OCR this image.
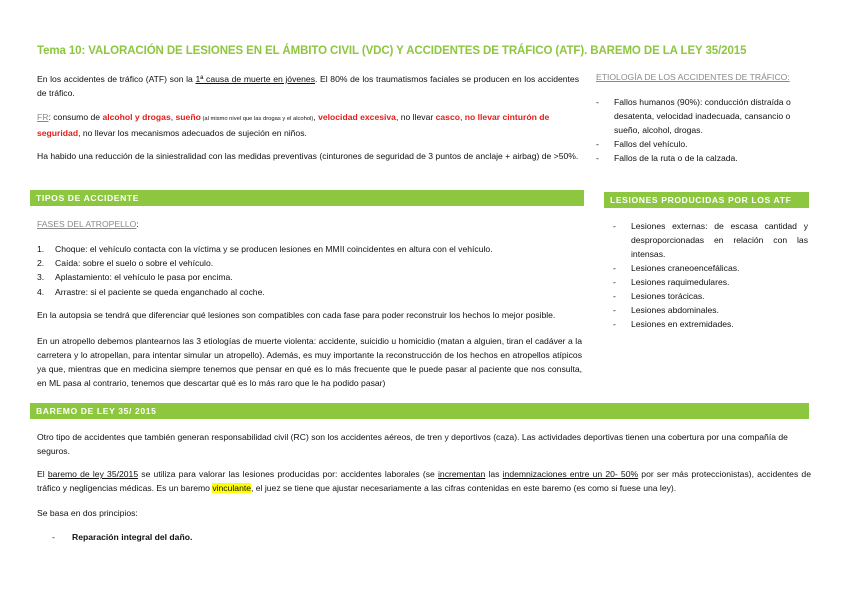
Tema 10: VALORACIÓN DE LESIONES EN EL ÁMBITO CIVIL (VDC) Y ACCIDENTES DE TRÁFICO (ATF). BAREMO DE LA LEY 35/2015
En los accidentes de tráfico (ATF) son la 1ª causa de muerte en jóvenes. El 80% de los traumatismos faciales se producen en los accidentes de tráfico.
FR: consumo de alcohol y drogas, sueño (al mismo nivel que las drogas y el alcohol), velocidad excesiva, no llevar casco, no llevar cinturón de seguridad, no llevar los mecanismos adecuados de sujeción en niños.
Ha habido una reducción de la siniestralidad con las medidas preventivas (cinturones de seguridad de 3 puntos de anclaje + airbag) de >50%.
ETIOLOGÍA DE LOS ACCIDENTES DE TRÁFICO:
- Fallos humanos (90%): conducción distraída o desatenta, velocidad inadecuada, cansancio o sueño, alcohol, drogas.
- Fallos del vehículo.
- Fallos de la ruta o de la calzada.
TIPOS DE ACCIDENTE	LESIONES PRODUCIDAS POR LOS ATF
FASES DEL ATROPELLO:
1. Choque: el vehículo contacta con la víctima y se producen lesiones en MMII coincidentes en altura con el vehículo.
2. Caída: sobre el suelo o sobre el vehículo.
3. Aplastamiento: el vehículo le pasa por encima.
4. Arrastre: si el paciente se queda enganchado al coche.
En la autopsia se tendrá que diferenciar qué lesiones son compatibles con cada fase para poder reconstruir los hechos lo mejor posible.
En un atropello debemos plantearnos las 3 etiologías de muerte violenta: accidente, suicidio u homicidio (matan a alguien, tiran el cadáver a la carretera y lo atropellan, para intentar simular un atropello). Además, es muy importante la reconstrucción de los hechos en atropellos atípicos ya que, mientras que en medicina siempre tenemos que pensar en qué es lo más frecuente que le puede pasar al paciente que nos consulta, en ML pasa al contrario, tenemos que descartar qué es lo más raro que le ha podido pasar)
- Lesiones externas: de escasa cantidad y desproporcionadas en relación con las intensas.
- Lesiones craneoencefálicas.
- Lesiones raquimedulares.
- Lesiones torácicas.
- Lesiones abdominales.
- Lesiones en extremidades.
BAREMO DE LEY 35/ 2015
Otro tipo de accidentes que también generan responsabilidad civil (RC) son los accidentes aéreos, de tren y deportivos (caza). Las actividades deportivas tienen una cobertura por una compañía de seguros.
El baremo de ley 35/2015 se utiliza para valorar las lesiones producidas por: accidentes laborales (se incrementan las indemnizaciones entre un 20- 50% por ser más proteccionistas), accidentes de tráfico y negligencias médicas. Es un baremo vinculante, el juez se tiene que ajustar necesariamente a las cifras contenidas en este baremo (es como si fuese una ley).
Se basa en dos principios:
- Reparación integral del daño.
